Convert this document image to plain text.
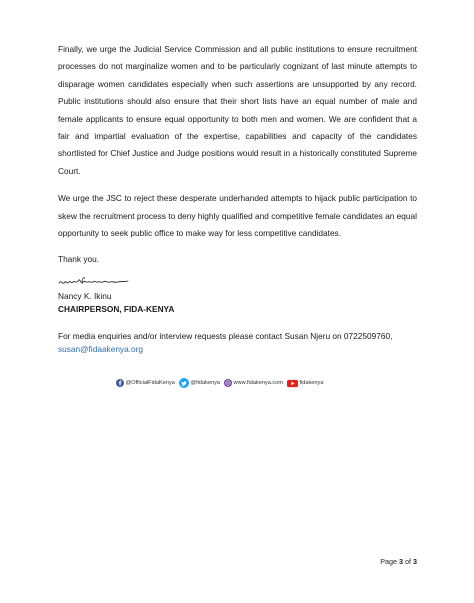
Finally, we urge the Judicial Service Commission and all public institutions to ensure recruitment processes do not marginalize women and to be particularly cognizant of last minute attempts to disparage women candidates especially when such assertions are unsupported by any record. Public institutions should also ensure that their short lists have an equal number of male and female applicants to ensure equal opportunity to both men and women. We are confident that a fair and impartial evaluation of the expertise, capabilities and capacity of the candidates shortlisted for Chief Justice and Judge positions would result in a historically constituted Supreme Court.

We urge the JSC to reject these desperate underhanded attempts to hijack public participation to skew the recruitment process to deny highly qualified and competitive female candidates an equal opportunity to seek public office to make way for less competitive candidates.

Thank you.

Nancy K. Ikinu

CHAIRPERSON, FIDA-KENYA

For media enquiries and/or interview requests please contact Susan Njeru on 0722509760,
susan@fidaakenya.org

@OfficialFidaKenya	@fidakenya www.fidakenya.com	fidakenya
Page 3 of 3
